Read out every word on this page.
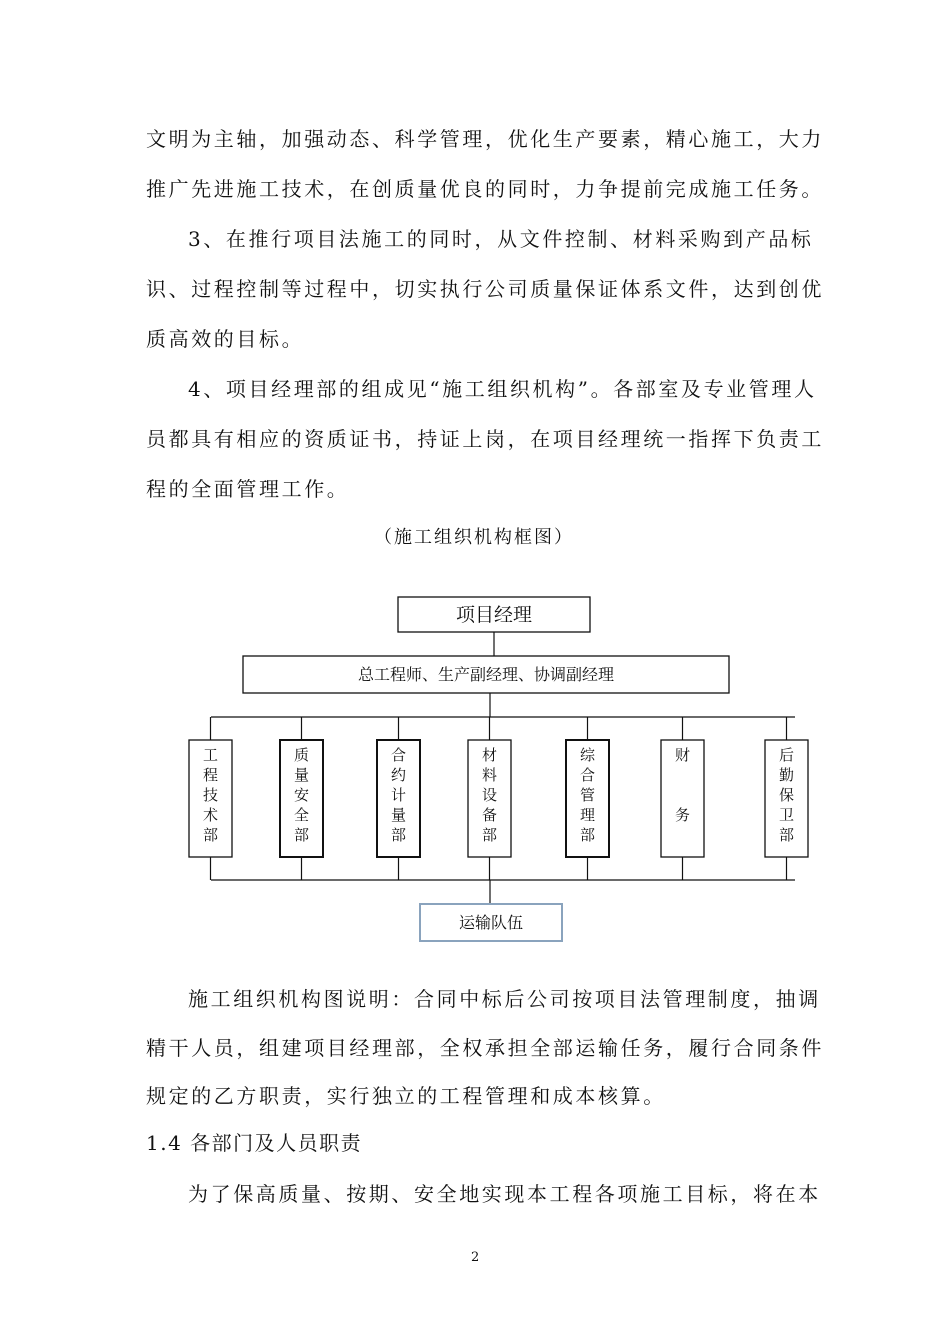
文明为主轴，加强动态、科学管理，优化生产要素，精心施工，大力
推广先进施工技术，在创质量优良的同时，力争提前完成施工任务。
3、在推行项目法施工的同时，从文件控制、材料采购到产品标
识、过程控制等过程中，切实执行公司质量保证体系文件，达到创优
质高效的目标。
4、项目经理部的组成见“施工组织机构”。各部室及专业管理人
员都具有相应的资质证书，持证上岗，在项目经理统一指挥下负责工
程的全面管理工作。
（施工组织机构框图）
项目经理
总工程师、生产副经理、协调副经理
工
程
技
术
部
质
量
安
全
部
合
约
计
量
部
材
料
设
备
部
综
合
管
理
部
财
务
后
勤
保
卫
部
运输队伍
施工组织机构图说明：合同中标后公司按项目法管理制度，抽调
精干人员，组建项目经理部，全权承担全部运输任务，履行合同条件
规定的乙方职责，实行独立的工程管理和成本核算。
1.4 各部门及人员职责
为了保高质量、按期、安全地实现本工程各项施工目标，将在本
2
